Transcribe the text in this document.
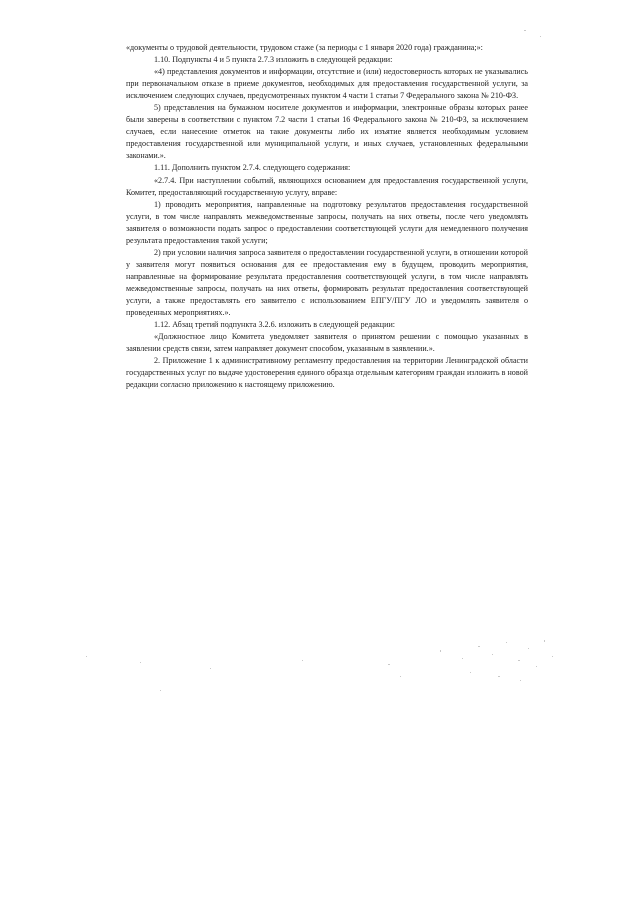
«документы о трудовой деятельности, трудовом стаже (за периоды с 1 января 2020 года) гражданина;»:

1.10. Подпункты 4 и 5 пункта 2.7.3 изложить в следующей редакции:

«4) представления документов и информации, отсутствие и (или) недостоверность которых не указывались при первоначальном отказе в приеме документов, необходимых для предоставления государственной услуги, за исключением следующих случаев, предусмотренных пунктом 4 части 1 статьи 7 Федерального закона № 210-ФЗ.

5) представления на бумажном носителе документов и информации, электронные образы которых ранее были заверены в соответствии с пунктом 7.2 части 1 статьи 16 Федерального закона № 210-ФЗ, за исключением случаев, если нанесение отметок на такие документы либо их изъятие является необходимым условием предоставления государственной или муниципальной услуги, и иных случаев, установленных федеральными законами.».

1.11. Дополнить пунктом 2.7.4. следующего содержания:

«2.7.4. При наступлении событий, являющихся основанием для предоставления государственной услуги, Комитет, предоставляющий государственную услугу, вправе:

1) проводить мероприятия, направленные на подготовку результатов предоставления государственной услуги, в том числе направлять межведомственные запросы, получать на них ответы, после чего уведомлять заявителя о возможности подать запрос о предоставлении соответствующей услуги для немедленного получения результата предоставления такой услуги;

2) при условии наличия запроса заявителя о предоставлении государственной услуги, в отношении которой у заявителя могут появиться основания для ее предоставления ему в будущем, проводить мероприятия, направленные на формирование результата предоставления соответствующей услуги, в том числе направлять межведомственные запросы, получать на них ответы, формировать результат предоставления соответствующей услуги, а также предоставлять его заявителю с использованием ЕПГУ/ПГУ ЛО и уведомлять заявителя о проведенных мероприятиях.».

1.12. Абзац третий подпункта 3.2.6. изложить в следующей редакции:

«Должностное лицо Комитета уведомляет заявителя о принятом решении с помощью указанных в заявлении средств связи, затем направляет документ способом, указанным в заявлении.».

2. Приложение 1 к административному регламенту предоставления на территории Ленинградской области государственных услуг по выдаче удостоверения единого образца отдельным категориям граждан изложить в новой редакции согласно приложению к настоящему приложению.
